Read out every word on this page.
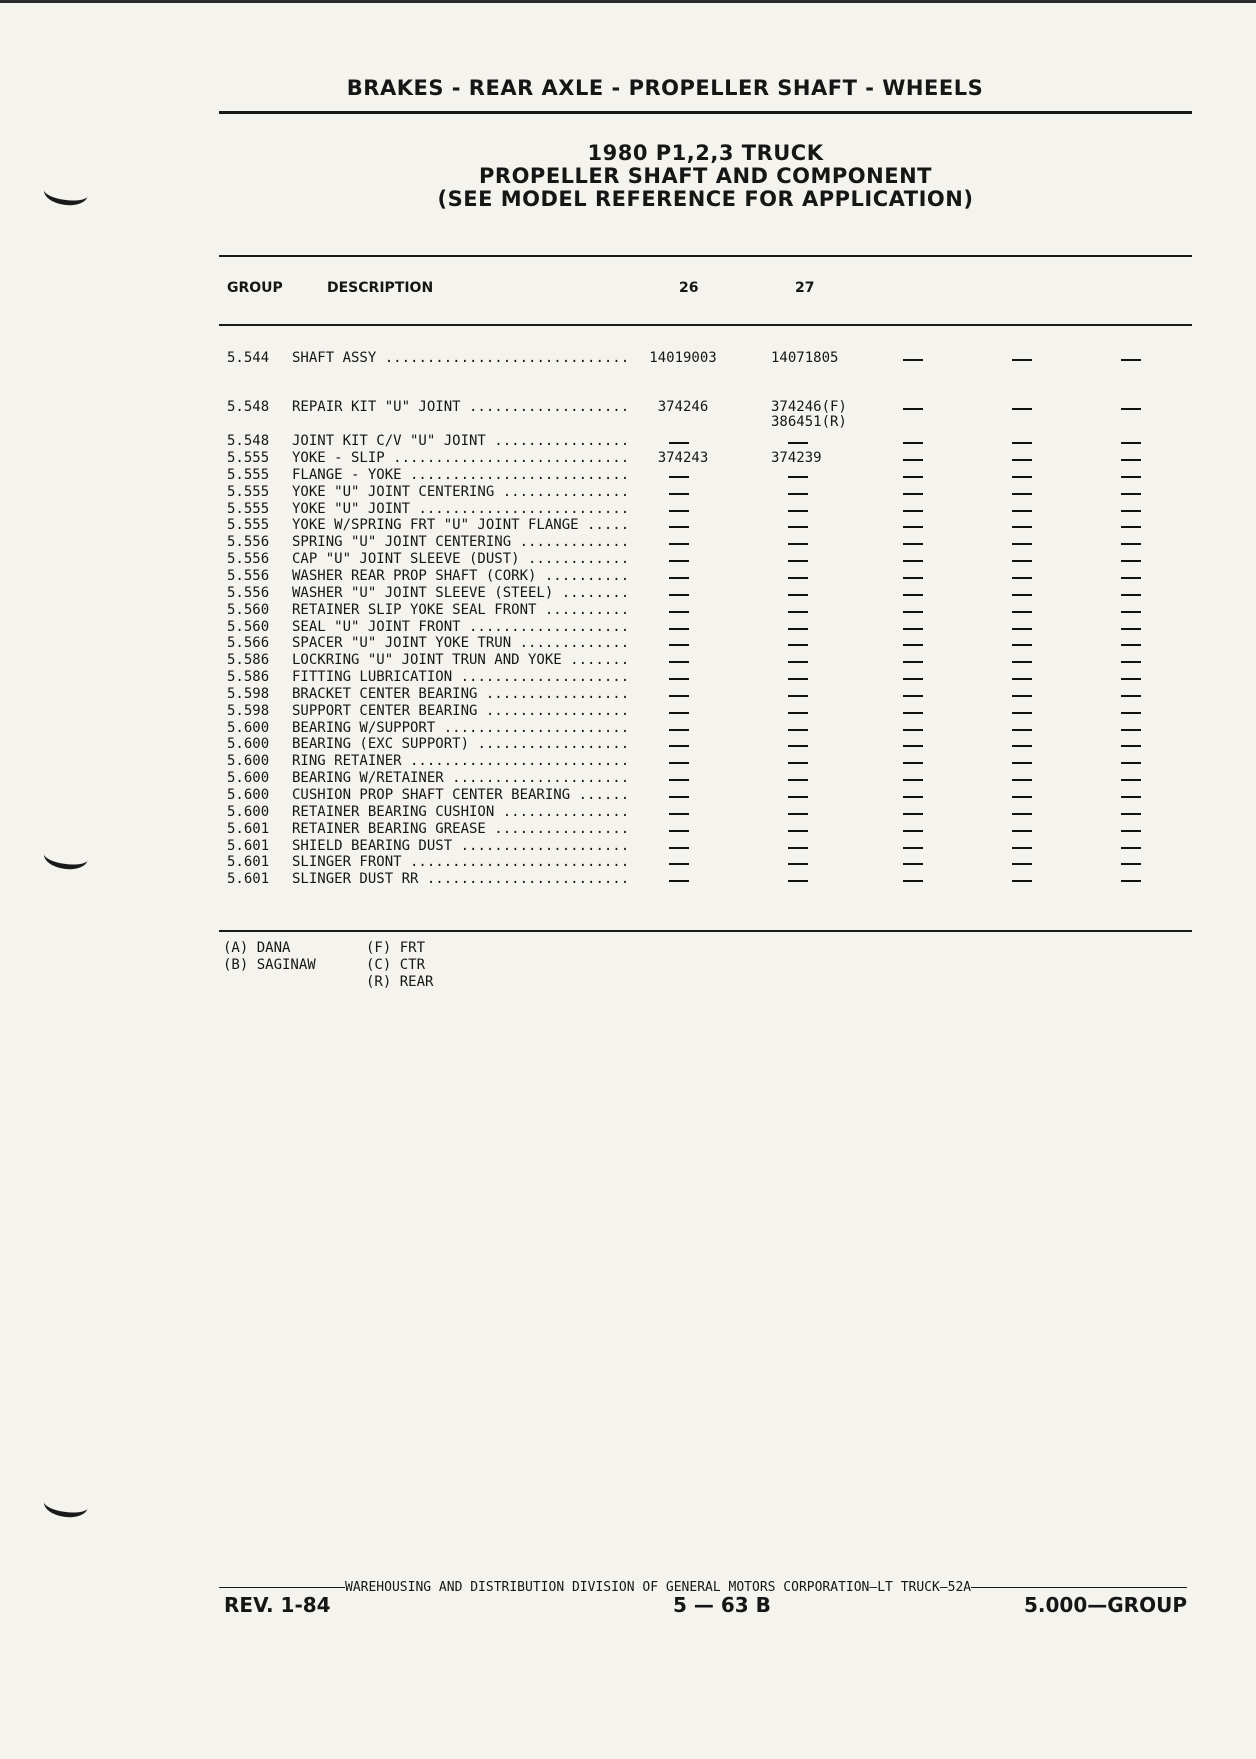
BRAKES - REAR AXLE - PROPELLER SHAFT - WHEELS
1980 P1,2,3 TRUCK
PROPELLER SHAFT AND COMPONENT
(SEE MODEL REFERENCE FOR APPLICATION)
GROUP	DESCRIPTION	26	27
5.544	SHAFT ASSY .....	14019003	14071805
5.548	REPAIR KIT "U" JOINT .....	374246	374246(F)
386451(R)
5.548	JOINT KIT C/V "U" JOINT .....
5.555	YOKE - SLIP .....	374243	374239
5.555	FLANGE - YOKE .....
5.555	YOKE "U" JOINT CENTERING .....
5.555	YOKE "U" JOINT .....
5.555	YOKE W/SPRING FRT "U" JOINT FLANGE .....
5.556	SPRING "U" JOINT CENTERING .....
5.556	CAP "U" JOINT SLEEVE (DUST) .....
5.556	WASHER REAR PROP SHAFT (CORK) .....
5.556	WASHER "U" JOINT SLEEVE (STEEL) .....
5.560	RETAINER SLIP YOKE SEAL FRONT .....
5.560	SEAL "U" JOINT FRONT .....
5.566	SPACER "U" JOINT YOKE TRUN .....
5.586	LOCKRING "U" JOINT TRUN AND YOKE .....
5.586	FITTING LUBRICATION .....
5.598	BRACKET CENTER BEARING .....
5.598	SUPPORT CENTER BEARING .....
5.600	BEARING W/SUPPORT .....
5.600	BEARING (EXC SUPPORT) .....
5.600	RING RETAINER .....
5.600	BEARING W/RETAINER .....
5.600	CUSHION PROP SHAFT CENTER BEARING .....
5.600	RETAINER BEARING CUSHION .....
5.601	RETAINER BEARING GREASE .....
5.601	SHIELD BEARING DUST .....
5.601	SLINGER FRONT .....
5.601	SLINGER DUST RR .....
(A) DANA
(B) SAGINAW
(F) FRT
(C) CTR
(R) REAR
WAREHOUSING AND DISTRIBUTION DIVISION OF GENERAL MOTORS CORPORATION—LT TRUCK—52A
REV. 1-84	5 — 63 B	5.000—GROUP
